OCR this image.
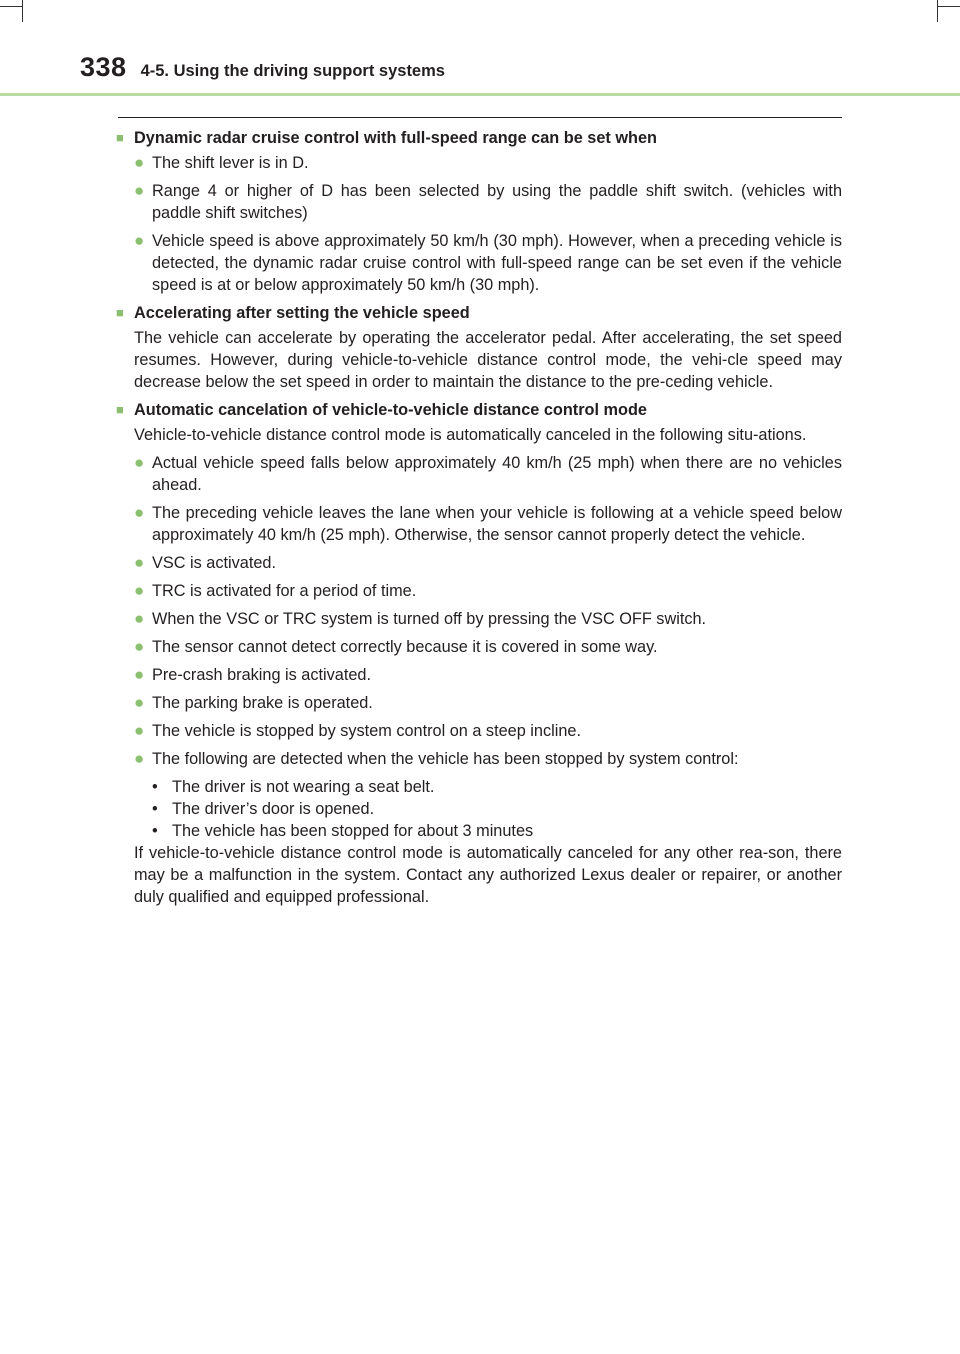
338 4-5. Using the driving support systems
■ Dynamic radar cruise control with full-speed range can be set when
● The shift lever is in D.
● Range 4 or higher of D has been selected by using the paddle shift switch. (vehicles with paddle shift switches)
● Vehicle speed is above approximately 50 km/h (30 mph). However, when a preceding vehicle is detected, the dynamic radar cruise control with full-speed range can be set even if the vehicle speed is at or below approximately 50 km/h (30 mph).
■ Accelerating after setting the vehicle speed
The vehicle can accelerate by operating the accelerator pedal. After accelerating, the set speed resumes. However, during vehicle-to-vehicle distance control mode, the vehi-cle speed may decrease below the set speed in order to maintain the distance to the pre-ceding vehicle.
■ Automatic cancelation of vehicle-to-vehicle distance control mode
Vehicle-to-vehicle distance control mode is automatically canceled in the following situ-ations.
● Actual vehicle speed falls below approximately 40 km/h (25 mph) when there are no vehicles ahead.
● The preceding vehicle leaves the lane when your vehicle is following at a vehicle speed below approximately 40 km/h (25 mph). Otherwise, the sensor cannot properly detect the vehicle.
● VSC is activated.
● TRC is activated for a period of time.
● When the VSC or TRC system is turned off by pressing the VSC OFF switch.
● The sensor cannot detect correctly because it is covered in some way.
● Pre-crash braking is activated.
● The parking brake is operated.
● The vehicle is stopped by system control on a steep incline.
● The following are detected when the vehicle has been stopped by system control:
• The driver is not wearing a seat belt.
• The driver’s door is opened.
• The vehicle has been stopped for about 3 minutes
If vehicle-to-vehicle distance control mode is automatically canceled for any other rea-son, there may be a malfunction in the system. Contact any authorized Lexus dealer or repairer, or another duly qualified and equipped professional.
